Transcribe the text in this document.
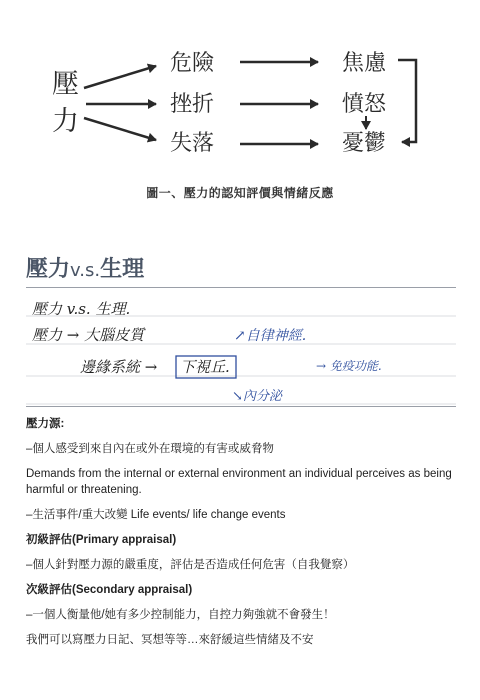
壓
力
危險
挫折
失落
焦慮
憤怒
憂鬱
圖一、壓力的認知評價與情緒反應
壓力v.s.生理
壓力 v.s. 生理.
壓力 → 大腦皮質
邊緣系統 → 下視丘.
↗自律神經.
→ 免疫功能.
↘內分泌

壓力源:

–個人感受到來自內在或外在環境的有害或威脅物

Demands from the internal or external environment an individual perceives as being harmful or threatening.

–生活事件/重大改變 Life events/ life change events

初級評估(Primary appraisal)

–個人針對壓力源的嚴重度，評估是否造成任何危害（自我覺察）

次級評估(Secondary appraisal)

–一個人衡量他/她有多少控制能力，自控力夠強就不會發生！

我們可以寫壓力日記、冥想等等…來舒緩這些情緒及不安
